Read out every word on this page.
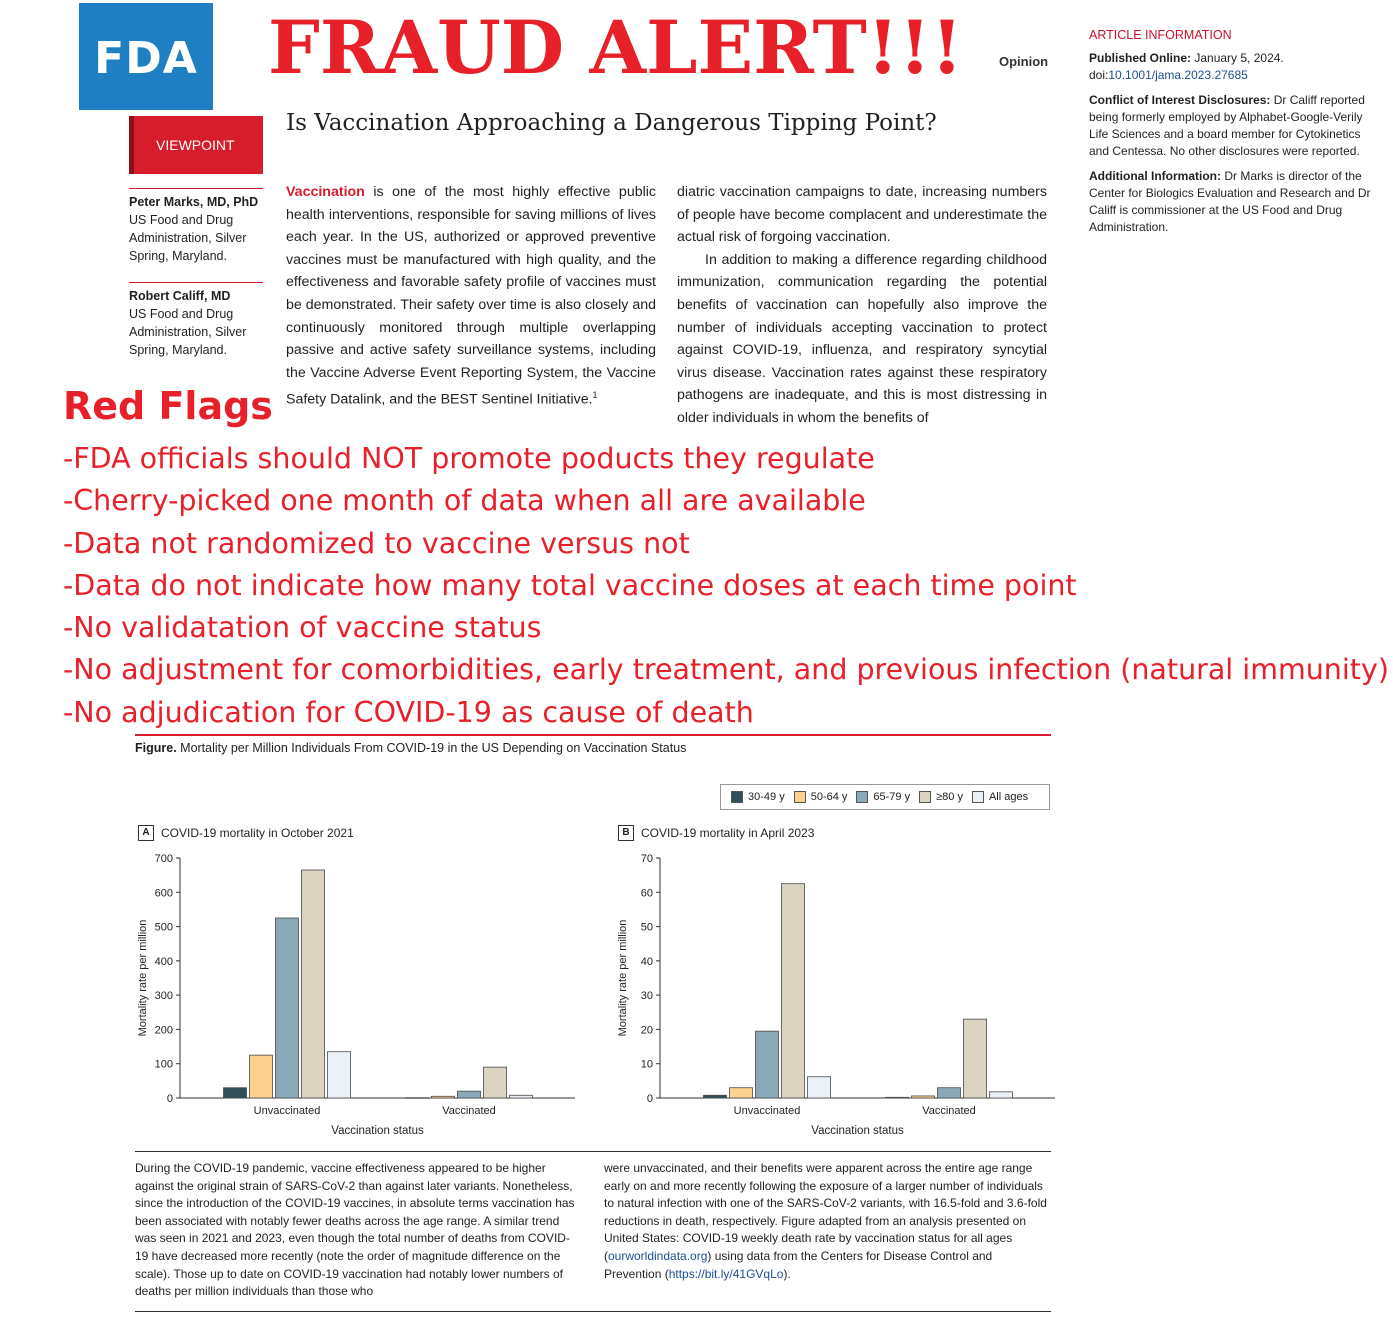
FDA FRAUD ALERT!!!	Opinion
ARTICLE INFORMATION

Published Online: January 5, 2024.
doi:10.1001/jama.2023.27685

Conflict of Interest Disclosures: Dr Califf reported being formerly employed by Alphabet-Google-Verily Life Sciences and a board member for Cytokinetics and Centessa. No other disclosures were reported.

Additional Information: Dr Marks is director of the Center for Biologics Evaluation and Research and Dr Califf is commissioner at the US Food and Drug Administration.

VIEWPOINT
Is Vaccination Approaching a Dangerous Tipping Point?
Peter Marks, MD, PhD
US Food and Drug Administration, Silver Spring, Maryland.
Robert Califf, MD
US Food and Drug Administration, Silver Spring, Maryland.

Vaccination is one of the most highly effective public health interventions, responsible for saving millions of lives each year. In the US, authorized or approved preventive vaccines must be manufactured with high quality, and the effectiveness and favorable safety profile of vaccines must be demonstrated. Their safety over time is also closely and continuously monitored through multiple overlapping passive and active safety surveillance systems, including the Vaccine Adverse Event Reporting System, the Vaccine Safety Datalink, and the BEST Sentinel Initiative.$^1$

diatric vaccination campaigns to date, increasing numbers of people have become complacent and underestimate the actual risk of forgoing vaccination.

In addition to making a difference regarding childhood immunization, communication regarding the potential benefits of vaccination can hopefully also improve the number of individuals accepting vaccination to protect against COVID-19, influenza, and respiratory syncytial virus disease. Vaccination rates against these respiratory pathogens are inadequate, and this is most distressing in older individuals in whom the benefits of

Red Flags
-FDA officials should NOT promote poducts they regulate
-Cherry-picked one month of data when all are available
-Data not randomized to vaccine versus not
-Data do not indicate how many total vaccine doses at each time point
-No validatation of vaccine status
-No adjustment for comorbidities, early treatment, and previous infection (natural immunity)
-No adjudication for COVID-19 as cause of death
Figure. Mortality per Million Individuals From COVID-19 in the US Depending on Vaccination Status
30-49 y 50-64 y 65-79 y ≥80 y All ages
A COVID-19 mortality in October 2021	B COVID-19 mortality in April 2023
0
100
200
300
400
500
600
700
Mortality rate per million
Unvaccinated	Vaccinated
Vaccination status
0
10
20
30
40
50
60
70
Mortality rate per million
Unvaccinated	Vaccinated
Vaccination status
During the COVID-19 pandemic, vaccine effectiveness appeared to be higher against the original strain of SARS-CoV-2 than against later variants. Nonetheless, since the introduction of the COVID-19 vaccines, in absolute terms vaccination has been associated with notably fewer deaths across the age range. A similar trend was seen in 2021 and 2023, even though the total number of deaths from COVID-19 have decreased more recently (note the order of magnitude difference on the scale). Those up to date on COVID-19 vaccination had notably lower numbers of deaths per million individuals than those who
were unvaccinated, and their benefits were apparent across the entire age range early on and more recently following the exposure of a larger number of individuals to natural infection with one of the SARS-CoV-2 variants, with 16.5-fold and 3.6-fold reductions in death, respectively. Figure adapted from an analysis presented on United States: COVID-19 weekly death rate by vaccination status for all ages (ourworldindata.org) using data from the Centers for Disease Control and Prevention (https://bit.ly/41GVqLo).
